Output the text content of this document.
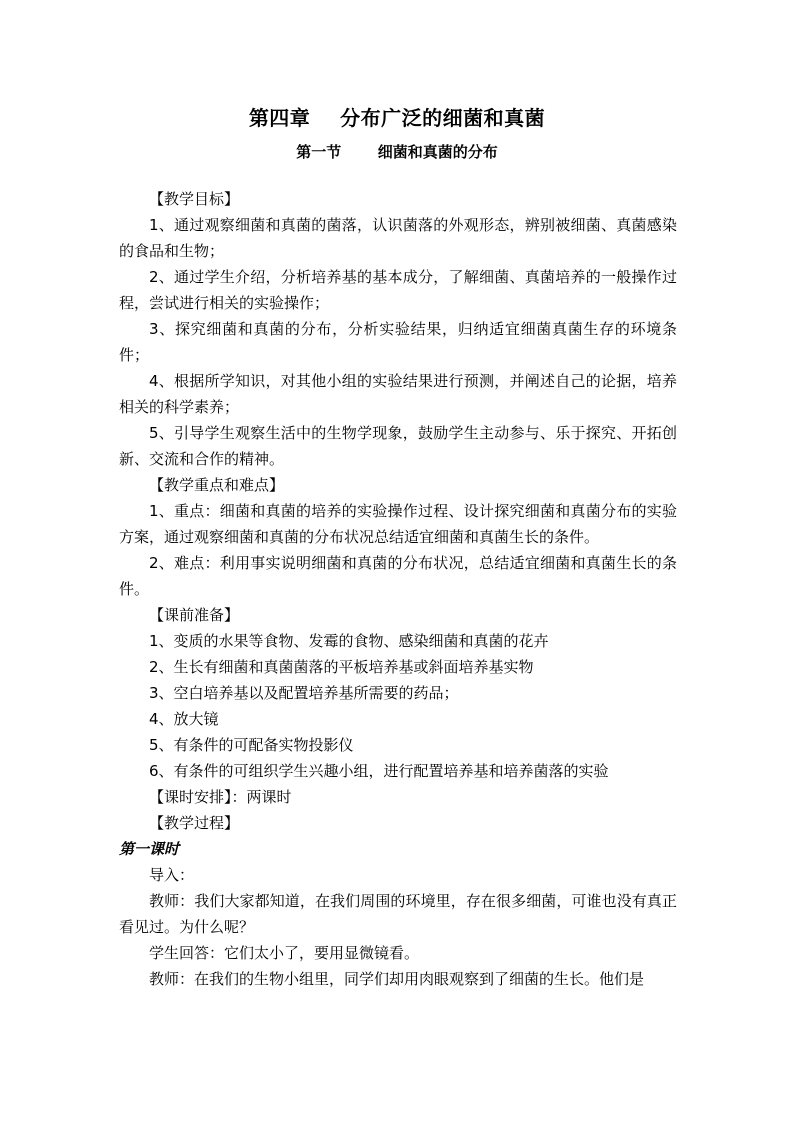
第四章    分布广泛的细菌和真菌
第一节       细菌和真菌的分布

【教学目标】

1、通过观察细菌和真菌的菌落，认识菌落的外观形态，辨别被细菌、真菌感染的食品和生物；

2、通过学生介绍，分析培养基的基本成分，了解细菌、真菌培养的一般操作过程，尝试进行相关的实验操作；

3、探究细菌和真菌的分布，分析实验结果，归纳适宜细菌真菌生存的环境条件；

4、根据所学知识，对其他小组的实验结果进行预测，并阐述自己的论据，培养相关的科学素养；

5、引导学生观察生活中的生物学现象，鼓励学生主动参与、乐于探究、开拓创新、交流和合作的精神。

【教学重点和难点】

1、重点：细菌和真菌的培养的实验操作过程、设计探究细菌和真菌分布的实验方案，通过观察细菌和真菌的分布状况总结适宜细菌和真菌生长的条件。

2、难点：利用事实说明细菌和真菌的分布状况，总结适宜细菌和真菌生长的条件。

【课前准备】

1、变质的水果等食物、发霉的食物、感染细菌和真菌的花卉

2、生长有细菌和真菌菌落的平板培养基或斜面培养基实物

3、空白培养基以及配置培养基所需要的药品；

4、放大镜

5、有条件的可配备实物投影仪

6、有条件的可组织学生兴趣小组，进行配置培养基和培养菌落的实验

【课时安排】：两课时

【教学过程】

第一课时

导入：

教师：我们大家都知道，在我们周围的环境里，存在很多细菌，可谁也没有真正看见过。为什么呢？

学生回答：它们太小了，要用显微镜看。

教师：在我们的生物小组里，同学们却用肉眼观察到了细菌的生长。他们是
